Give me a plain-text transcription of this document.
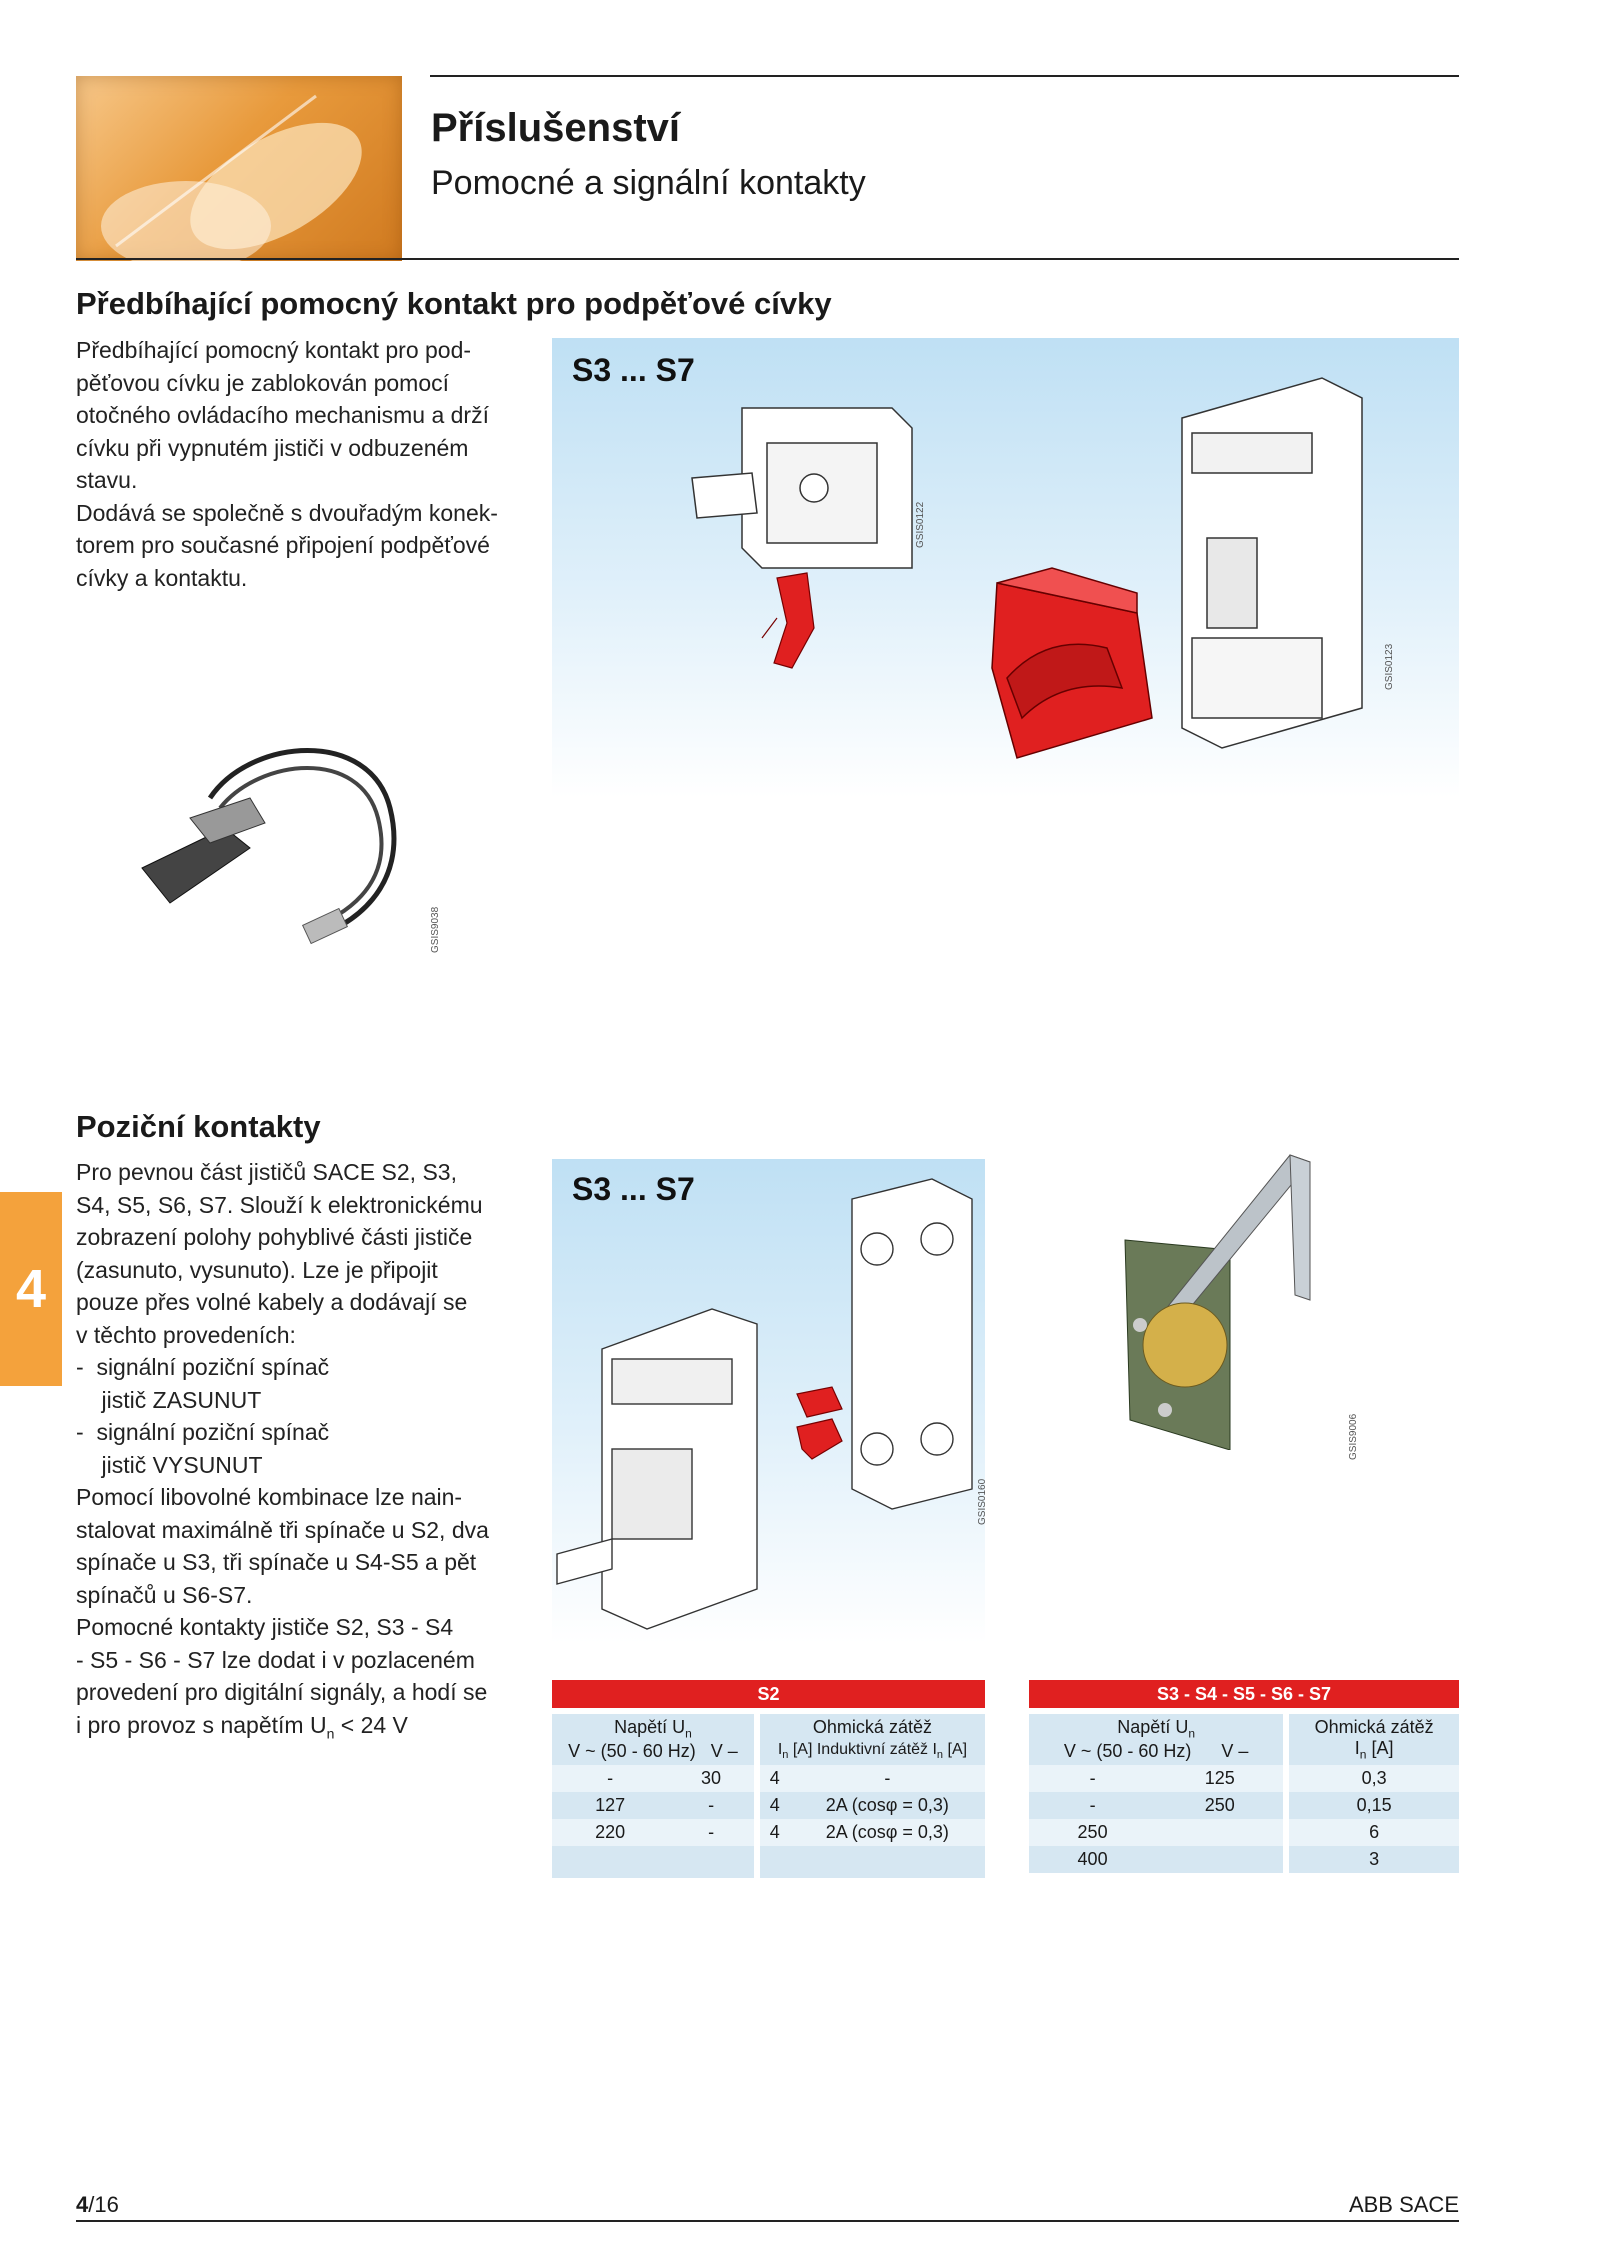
Příslušenství
Pomocné a signální kontakty
Předbíhající pomocný kontakt pro podpěťové cívky

Předbíhající pomocný kontakt pro pod-

pěťovou cívku je zablokován pomocí

otočného ovládacího mechanismu a drží

cívku při vypnutém jističi v odbuzeném

stavu.

Dodává se společně s dvouřadým konek-

torem pro současné připojení podpěťové

cívky a kontaktu.

S3 ... S7
GSIS0122
GSIS0123
GSIS9038
Poziční kontakty

Pro pevnou část jističů SACE S2, S3,

S4, S5, S6, S7. Slouží k elektronickému

zobrazení polohy pohyblivé části jističe

(zasunuto, vysunuto). Lze je připojit

pouze přes volné kabely a dodávají se

v těchto provedeních:

-  signální poziční spínač

jistič ZASUNUT

-  signální poziční spínač

jistič VYSUNUT

Pomocí libovolné kombinace lze nain-

stalovat maximálně tři spínače u S2, dva

spínače u S3, tři spínače u S4-S5 a pět

spínačů u S6-S7.

Pomocné kontakty jističe S2, S3 - S4

- S5 - S6 - S7 lze dodat i v pozlaceném

provedení pro digitální signály, a hodí se

i pro provoz s napětím $U_n < 24$ V

4
S3 ... S7
GSIS0160
GSIS9006
S2
Napětí $U_n$
V ~ (50 - 60 Hz)   V –		Ohmická zátěž
$I_n$ [A] Induktivní zátěž $I_n$ [A]	
-	30	4	-
127	-	4	2A (cosφ = 0,3)
220	-	4	2A (cosφ = 0,3)

S3 - S4 - S5 - S6 - S7
Napětí $U_n$
V ~ (50 - 60 Hz)      V –		Ohmická zátěž
$I_n$ [A]
-	125	0,3
-	250	0,15
250		6
400		3
4/16	ABB SACE
